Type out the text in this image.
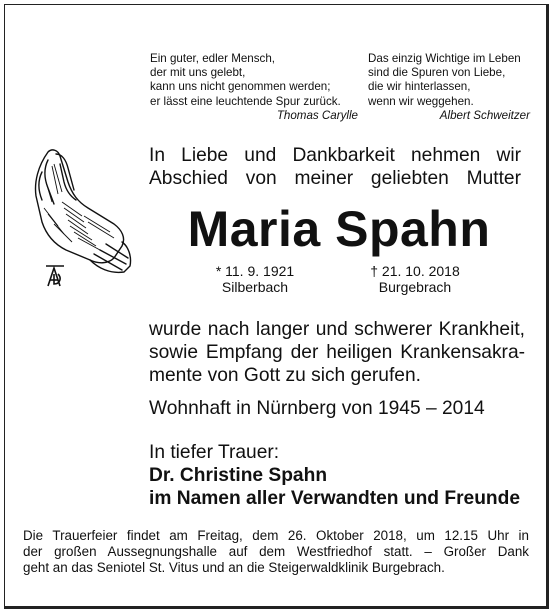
Ein guter, edler Mensch,
der mit uns gelebt,
kann uns nicht genommen werden;
er lässt eine leuchtende Spur zurück.
Thomas Carylle
Das einzig Wichtige im Leben
sind die Spuren von Liebe,
die wir hinterlassen,
wenn wir weggehen.
Albert Schweitzer
In Liebe und Dankbarkeit nehmen wir
Abschied von meiner geliebten Mutter
Maria Spahn
* 11. 9. 1921
Silberbach
† 21. 10. 2018
Burgebrach
wurde nach langer und schwerer Krankheit,
sowie Empfang der heiligen Krankensakra-
mente von Gott zu sich gerufen.
Wohnhaft in Nürnberg von 1945 – 2014
In tiefer Trauer:
Dr. Christine Spahn
im Namen aller Verwandten und Freunde
Die Trauerfeier findet am Freitag, dem 26. Oktober 2018, um 12.15 Uhr in
der großen Aussegnungshalle auf dem Westfriedhof statt. – Großer Dank
geht an das Seniotel St. Vitus und an die Steigerwaldklinik Burgebrach.
